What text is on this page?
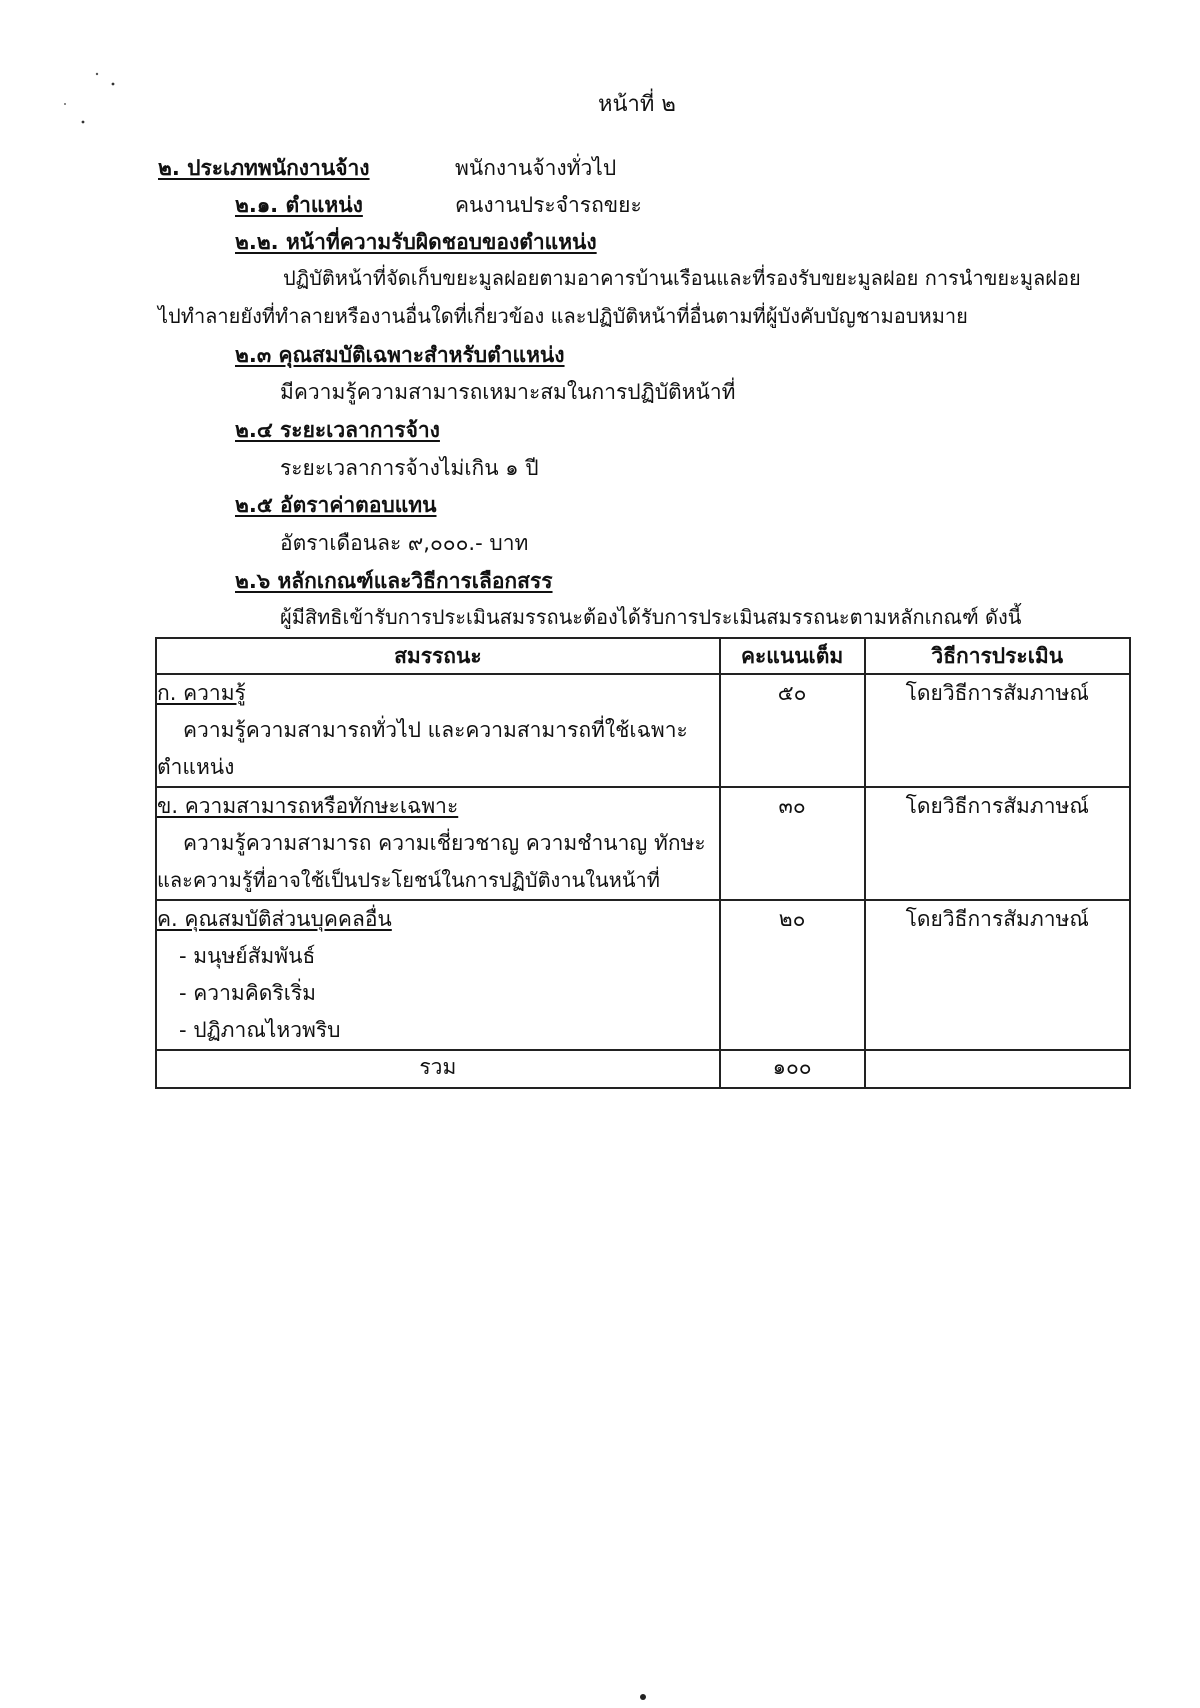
หน้าที่ ๒
๒. ประเภทพนักงานจ้าง	พนักงานจ้างทั่วไป
๒.๑. ตำแหน่ง	คนงานประจำรถขยะ
๒.๒. หน้าที่ความรับผิดชอบของตำแหน่ง
ปฏิบัติหน้าที่จัดเก็บขยะมูลฝอยตามอาคารบ้านเรือนและที่รองรับขยะมูลฝอย การนำขยะมูลฝอย
ไปทำลายยังที่ทำลายหรืองานอื่นใดที่เกี่ยวข้อง และปฏิบัติหน้าที่อื่นตามที่ผู้บังคับบัญชามอบหมาย
๒.๓ คุณสมบัติเฉพาะสำหรับตำแหน่ง
มีความรู้ความสามารถเหมาะสมในการปฏิบัติหน้าที่
๒.๔ ระยะเวลาการจ้าง
ระยะเวลาการจ้างไม่เกิน ๑ ปี
๒.๕ อัตราค่าตอบแทน
อัตราเดือนละ ๙,๐๐๐.- บาท
๒.๖ หลักเกณฑ์และวิธีการเลือกสรร
ผู้มีสิทธิเข้ารับการประเมินสมรรถนะต้องได้รับการประเมินสมรรถนะตามหลักเกณฑ์ ดังนี้
สมรรถนะ	คะแนนเต็ม	วิธีการประเมิน

ก. ความรู้
ความรู้ความสามารถทั่วไป และความสามารถที่ใช้เฉพาะ
ตำแหน่ง	๕๐	โดยวิธีการสัมภาษณ์

ข. ความสามารถหรือทักษะเฉพาะ
ความรู้ความสามารถ ความเชี่ยวชาญ ความชำนาญ ทักษะ
และความรู้ที่อาจใช้เป็นประโยชน์ในการปฏิบัติงานในหน้าที่	๓๐	โดยวิธีการสัมภาษณ์

ค. คุณสมบัติส่วนบุคคลอื่น
- มนุษย์สัมพันธ์
- ความคิดริเริ่ม
- ปฏิภาณไหวพริบ	๒๐	โดยวิธีการสัมภาษณ์
รวม	๑๐๐	
